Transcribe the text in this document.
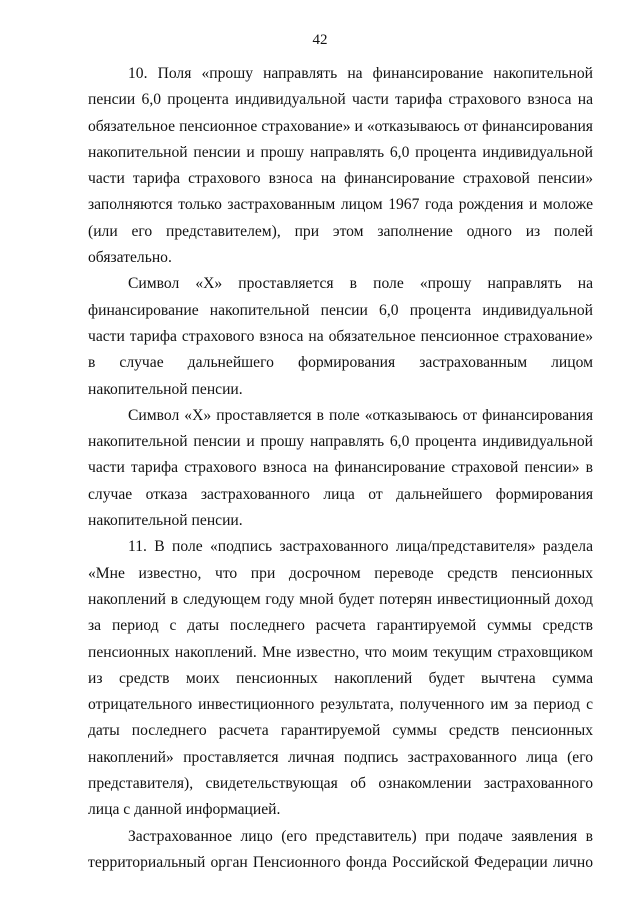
42

10. Поля «прошу направлять на финансирование накопительной пенсии 6,0 процента индивидуальной части тарифа страхового взноса на обязательное пенсионное страхование» и «отказываюсь от финансирования накопительной пенсии и прошу направлять 6,0 процента индивидуальной части тарифа страхового взноса на финансирование страховой пенсии» заполняются только застрахованным лицом 1967 года рождения и моложе (или его представителем), при этом заполнение одного из полей обязательно.

Символ «X» проставляется в поле «прошу направлять на финансирование накопительной пенсии 6,0 процента индивидуальной части тарифа страхового взноса на обязательное пенсионное страхование» в случае дальнейшего формирования застрахованным лицом накопительной пенсии.

Символ «X» проставляется в поле «отказываюсь от финансирования накопительной пенсии и прошу направлять 6,0 процента индивидуальной части тарифа страхового взноса на финансирование страховой пенсии» в случае отказа застрахованного лица от дальнейшего формирования накопительной пенсии.

11. В поле «подпись застрахованного лица/представителя» раздела «Мне известно, что при досрочном переводе средств пенсионных накоплений в следующем году мной будет потерян инвестиционный доход за период с даты последнего расчета гарантируемой суммы средств пенсионных накоплений. Мне известно, что моим текущим страховщиком из средств моих пенсионных накоплений будет вычтена сумма отрицательного инвестиционного результата, полученного им за период с даты последнего расчета гарантируемой суммы средств пенсионных накоплений» проставляется личная подпись застрахованного лица (его представителя), свидетельствующая об ознакомлении застрахованного лица с данной информацией.

Застрахованное лицо (его представитель) при подаче заявления в территориальный орган Пенсионного фонда Российской Федерации лично
